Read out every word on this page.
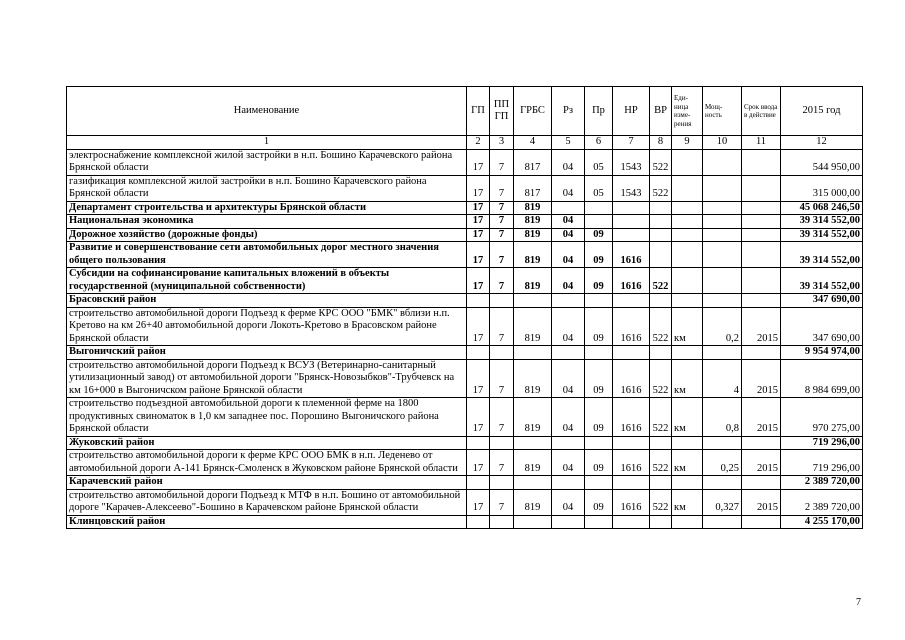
Наименование	ГП	ПП ГП	ГРБС	Рз	Пр	НР	ВР	Еди-ница изме-рения	Мощ-ность	Срок ввода в действие	2015 год
1	2	3	4	5	6	7	8	9	10	11	12
электроснабжение комплексной жилой застройки в н.п. Бошино Карачевского района Брянской области	17	7	817	04	05	1543	522				544 950,00
газификация комплексной жилой застройки в н.п. Бошино Карачевского района Брянской области	17	7	817	04	05	1543	522				315 000,00
Департамент строительства и архитектуры Брянской области	17	7	819								45 068 246,50
Национальная экономика	17	7	819	04							39 314 552,00
Дорожное хозяйство (дорожные фонды)	17	7	819	04	09						39 314 552,00
Развитие и совершенствование сети автомобильных дорог местного значения общего пользования	17	7	819	04	09	1616					39 314 552,00
Субсидии на софинансирование капитальных вложений в объекты государственной (муниципальной собственности)	17	7	819	04	09	1616	522				39 314 552,00
Брасовский район											347 690,00
строительство автомобильной дороги Подъезд к ферме КРС ООО "БМК" вблизи н.п. Кретово на км 26+40 автомобильной дороги Локоть-Кретово в Брасовском районе Брянской области	17	7	819	04	09	1616	522	км	0,2	2015	347 690,00
Выгоничский район											9 954 974,00
строительство автомобильной дороги Подъезд к ВСУЗ (Ветеринарно-санитарный утилизационный завод) от автомобильной дороги "Брянск-Новозыбков"-Трубчевск на км 16+000 в Выгоничском районе Брянской области	17	7	819	04	09	1616	522	км	4	2015	8 984 699,00
строительство подъездной автомобильной дороги к племенной ферме на 1800 продуктивных свиноматок в 1,0 км западнее пос. Порошино Выгоничского района Брянской области	17	7	819	04	09	1616	522	км	0,8	2015	970 275,00
Жуковский район											719 296,00
строительство автомобильной дороги к ферме КРС ООО БМК в н.п. Леденево от автомобильной дороги А-141 Брянск-Смоленск в Жуковском районе Брянской области	17	7	819	04	09	1616	522	км	0,25	2015	719 296,00
Карачевский район											2 389 720,00
строительство автомобильной дороги Подъезд к МТФ в н.п. Бошино от автомобильной дороге "Карачев-Алексеево"-Бошино в Карачевском районе Брянской области	17	7	819	04	09	1616	522	км	0,327	2015	2 389 720,00
Клинцовский район											4 255 170,00
7
